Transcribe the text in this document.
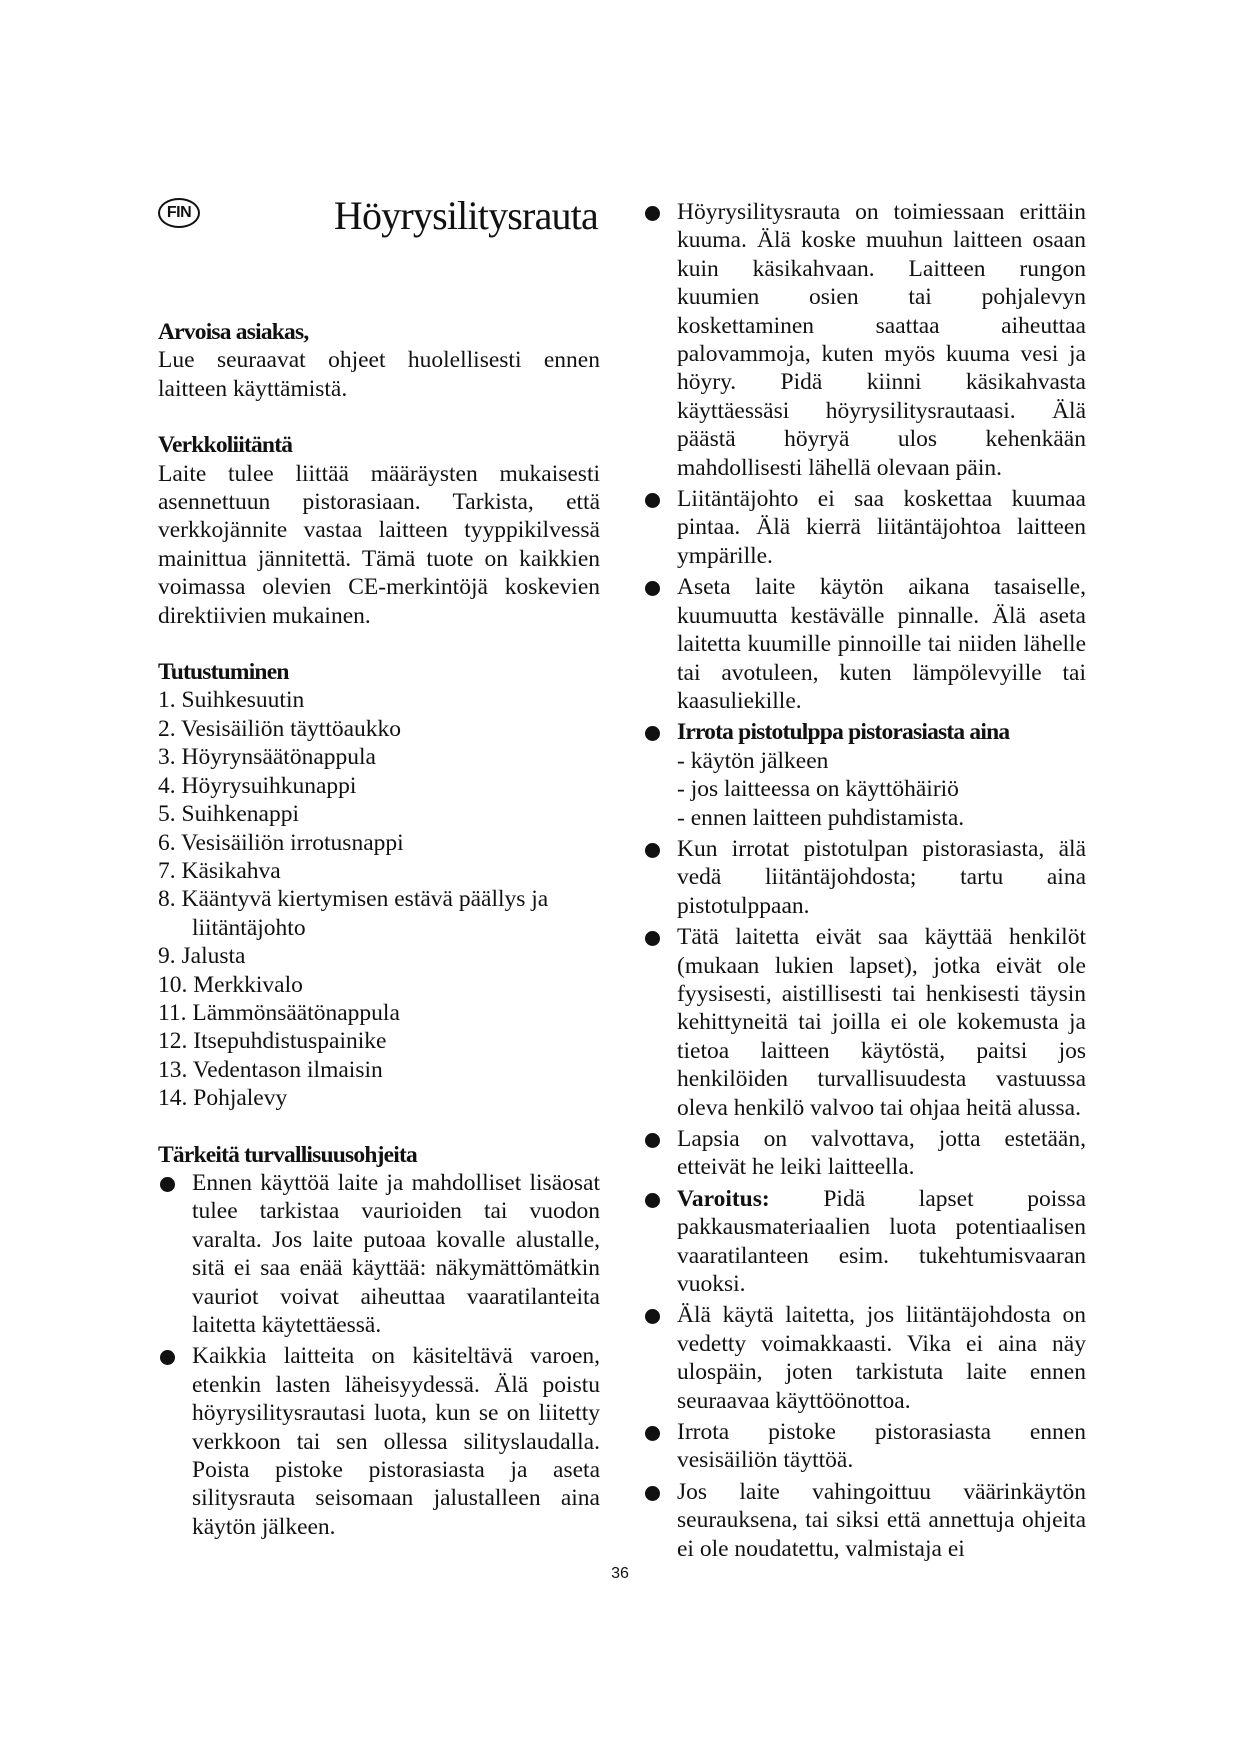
FIN	Höyrysilitysrauta
Arvoisa asiakas,
Lue seuraavat ohjeet huolellisesti ennen laitteen käyttämistä.
Verkkoliitäntä
Laite tulee liittää määräysten mukaisesti asennettuun pistorasiaan. Tarkista, että verkkojännite vastaa laitteen tyyppikilvessä mainittua jännitettä. Tämä tuote on kaikkien voimassa olevien CE-merkintöjä koskevien direktiivien mukainen.
Tutustuminen
1. Suihkesuutin
2. Vesisäiliön täyttöaukko
3. Höyrynsäätönappula
4. Höyrysuihkunappi
5. Suihkenappi
6. Vesisäiliön irrotusnappi
7. Käsikahva
8. Kääntyvä kiertymisen estävä päällys ja
liitäntäjohto
9. Jalusta
10. Merkkivalo
11. Lämmönsäätönappula
12. Itsepuhdistuspainike
13. Vedentason ilmaisin
14. Pohjalevy
Tärkeitä turvallisuusohjeita
Ennen käyttöä laite ja mahdolliset lisäosat tulee tarkistaa vaurioiden tai vuodon varalta. Jos laite putoaa kovalle alustalle, sitä ei saa enää käyttää: näkymättömätkin vauriot voivat aiheuttaa vaaratilanteita laitetta käytettäessä.
Kaikkia laitteita on käsiteltävä varoen, etenkin lasten läheisyydessä. Älä poistu höyrysilitysrautasi luota, kun se on liitetty verkkoon tai sen ollessa silityslaudalla. Poista pistoke pistorasiasta ja aseta silitysrauta seisomaan jalustalleen aina käytön jälkeen.
Höyrysilitysrauta on toimiessaan erittäin kuuma. Älä koske muuhun laitteen osaan kuin käsikahvaan. Laitteen rungon kuumien osien tai pohjalevyn koskettaminen saattaa aiheuttaa palovammoja, kuten myös kuuma vesi ja höyry. Pidä kiinni käsikahvasta käyttäessäsi höyrysilitysrautaasi. Älä päästä höyryä ulos kehenkään mahdollisesti lähellä olevaan päin.
Liitäntäjohto ei saa koskettaa kuumaa pintaa. Älä kierrä liitäntäjohtoa laitteen ympärille.
Aseta laite käytön aikana tasaiselle, kuumuutta kestävälle pinnalle. Älä aseta laitetta kuumille pinnoille tai niiden lähelle tai avotuleen, kuten lämpölevyille tai kaasuliekille.
Irrota pistotulppa pistorasiasta aina
- käytön jälkeen
- jos laitteessa on käyttöhäiriö
- ennen laitteen puhdistamista.
Kun irrotat pistotulpan pistorasiasta, älä vedä liitäntäjohdosta; tartu aina pistotulppaan.
Tätä laitetta eivät saa käyttää henkilöt (mukaan lukien lapset), jotka eivät ole fyysisesti, aistillisesti tai henkisesti täysin kehittyneitä tai joilla ei ole kokemusta ja tietoa laitteen käytöstä, paitsi jos henkilöiden turvallisuudesta vastuussa oleva henkilö valvoo tai ohjaa heitä alussa.
Lapsia on valvottava, jotta estetään, etteivät he leiki laitteella.
Varoitus: Pidä lapset poissa pakkausmateriaalien luota potentiaalisen vaaratilanteen esim. tukehtumisvaaran vuoksi.
Älä käytä laitetta, jos liitäntäjohdosta on vedetty voimakkaasti. Vika ei aina näy ulospäin, joten tarkistuta laite ennen seuraavaa käyttöönottoa.
Irrota pistoke pistorasiasta ennen vesisäiliön täyttöä.
Jos laite vahingoittuu väärinkäytön seurauksena, tai siksi että annettuja ohjeita ei ole noudatettu, valmistaja ei
36
